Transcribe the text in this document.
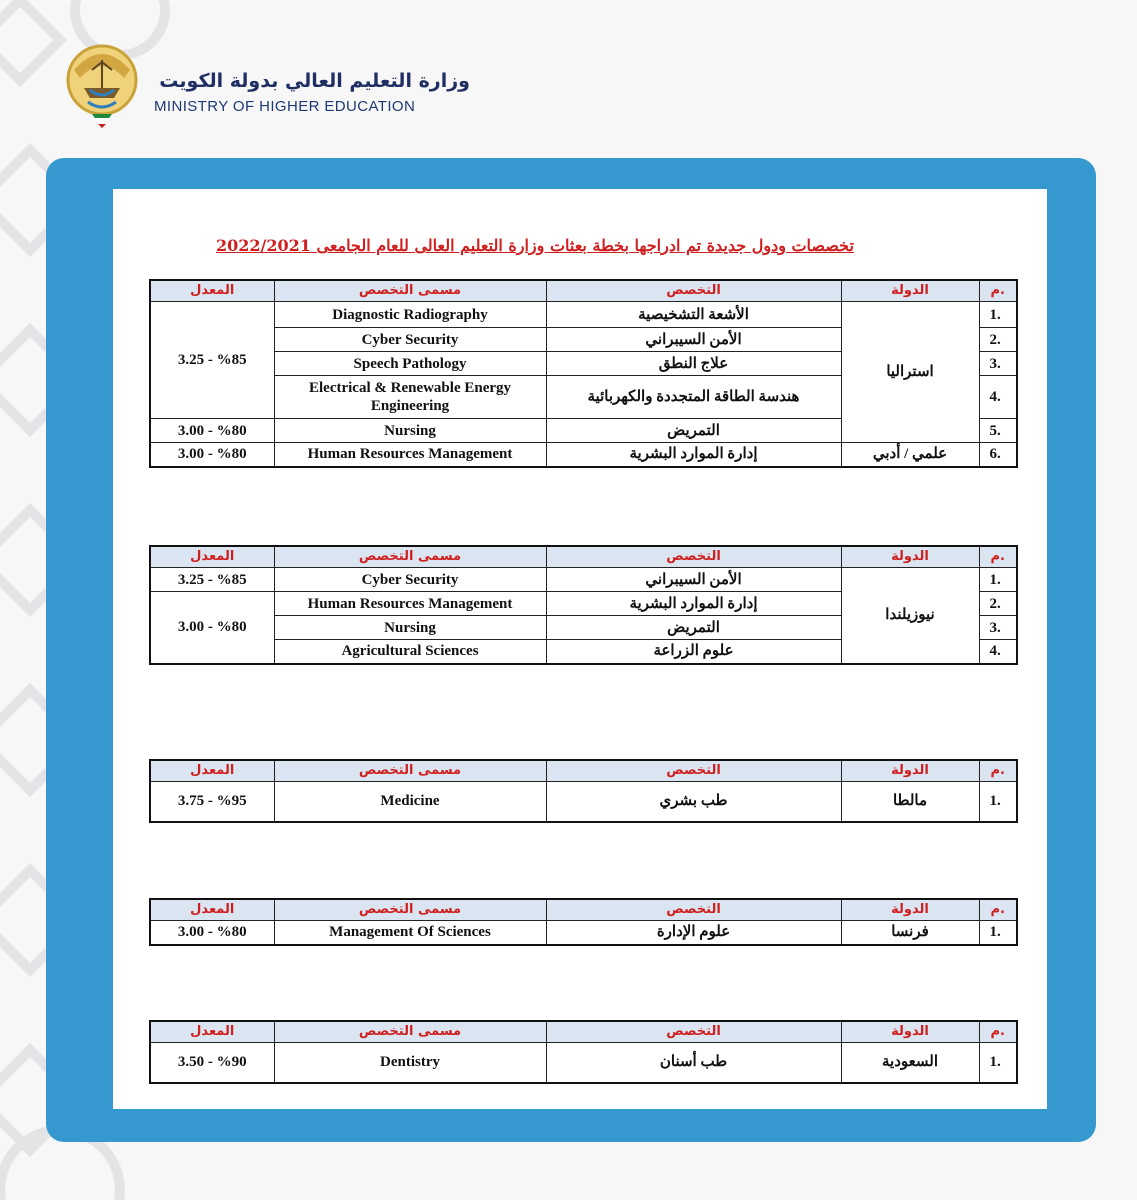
وزارة التعليم العالي بدولة الكويت
MINISTRY OF HIGHER EDUCATION
تخصصات ودول جديدة تم ادراجها بخطة بعثات وزارة التعليم العالى للعام الجامعى 2022/2021
المعدل	مسمى التخصص	التخصص	الدولة	م.
3.25 - %85	Diagnostic Radiography	الأشعة التشخيصية	استراليا	1.
	Cyber Security	الأمن السيبراني		2.
	Speech Pathology	علاج النطق		3.
	Electrical & Renewable Energy Engineering	هندسة الطاقة المتجددة والكهربائية		4.
3.00 - %80	Nursing	التمريض		5.
3.00 - %80	Human Resources Management	إدارة الموارد البشرية	علمي / أدبي	6.
المعدل	مسمى التخصص	التخصص	الدولة	م.
3.25 - %85	Cyber Security	الأمن السيبراني	نيوزيلندا	1.
3.00 - %80	Human Resources Management	إدارة الموارد البشرية		2.
	Nursing	التمريض		3.
	Agricultural Sciences	علوم الزراعة		4.
المعدل	مسمى التخصص	التخصص	الدولة	م.
3.75 - %95	Medicine	طب بشري	مالطا	1.
المعدل	مسمى التخصص	التخصص	الدولة	م.
3.00 - %80	Management Of Sciences	علوم الإدارة	فرنسا	1.
المعدل	مسمى التخصص	التخصص	الدولة	م.
3.50 - %90	Dentistry	طب أسنان	السعودية	1.
